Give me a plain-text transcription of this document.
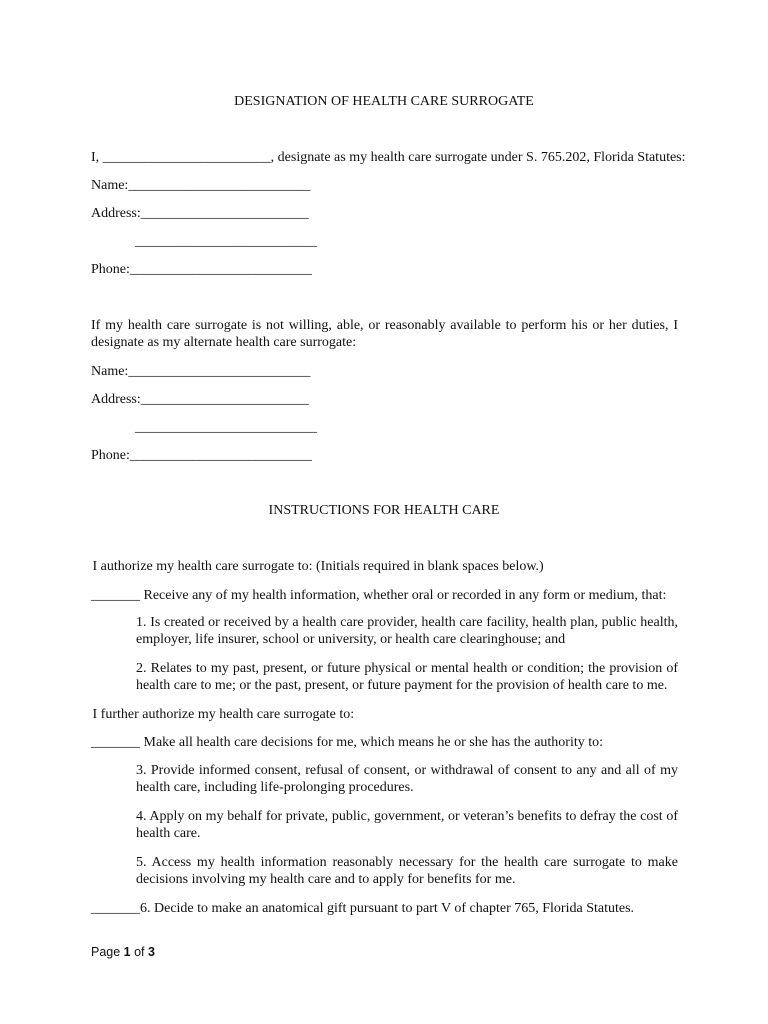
DESIGNATION OF HEALTH CARE SURROGATE
I, ________________________, designate as my health care surrogate under S. 765.202, Florida Statutes:
Name:__________________________
Address:________________________
__________________________
Phone:__________________________
If my health care surrogate is not willing, able, or reasonably available to perform his or her duties, I designate as my alternate health care surrogate:
Name:__________________________
Address:________________________
__________________________
Phone:__________________________
INSTRUCTIONS FOR HEALTH CARE
I authorize my health care surrogate to: (Initials required in blank spaces below.)
_______ Receive any of my health information, whether oral or recorded in any form or medium, that:
1. Is created or received by a health care provider, health care facility, health plan, public health, employer, life insurer, school or university, or health care clearinghouse; and
2. Relates to my past, present, or future physical or mental health or condition; the provision of health care to me; or the past, present, or future payment for the provision of health care to me.
I further authorize my health care surrogate to:
_______ Make all health care decisions for me, which means he or she has the authority to:
3. Provide informed consent, refusal of consent, or withdrawal of consent to any and all of my health care, including life-prolonging procedures.
4. Apply on my behalf for private, public, government, or veteran’s benefits to defray the cost of health care.
5. Access my health information reasonably necessary for the health care surrogate to make decisions involving my health care and to apply for benefits for me.
_______6. Decide to make an anatomical gift pursuant to part V of chapter 765, Florida Statutes.
Page 1 of 3
